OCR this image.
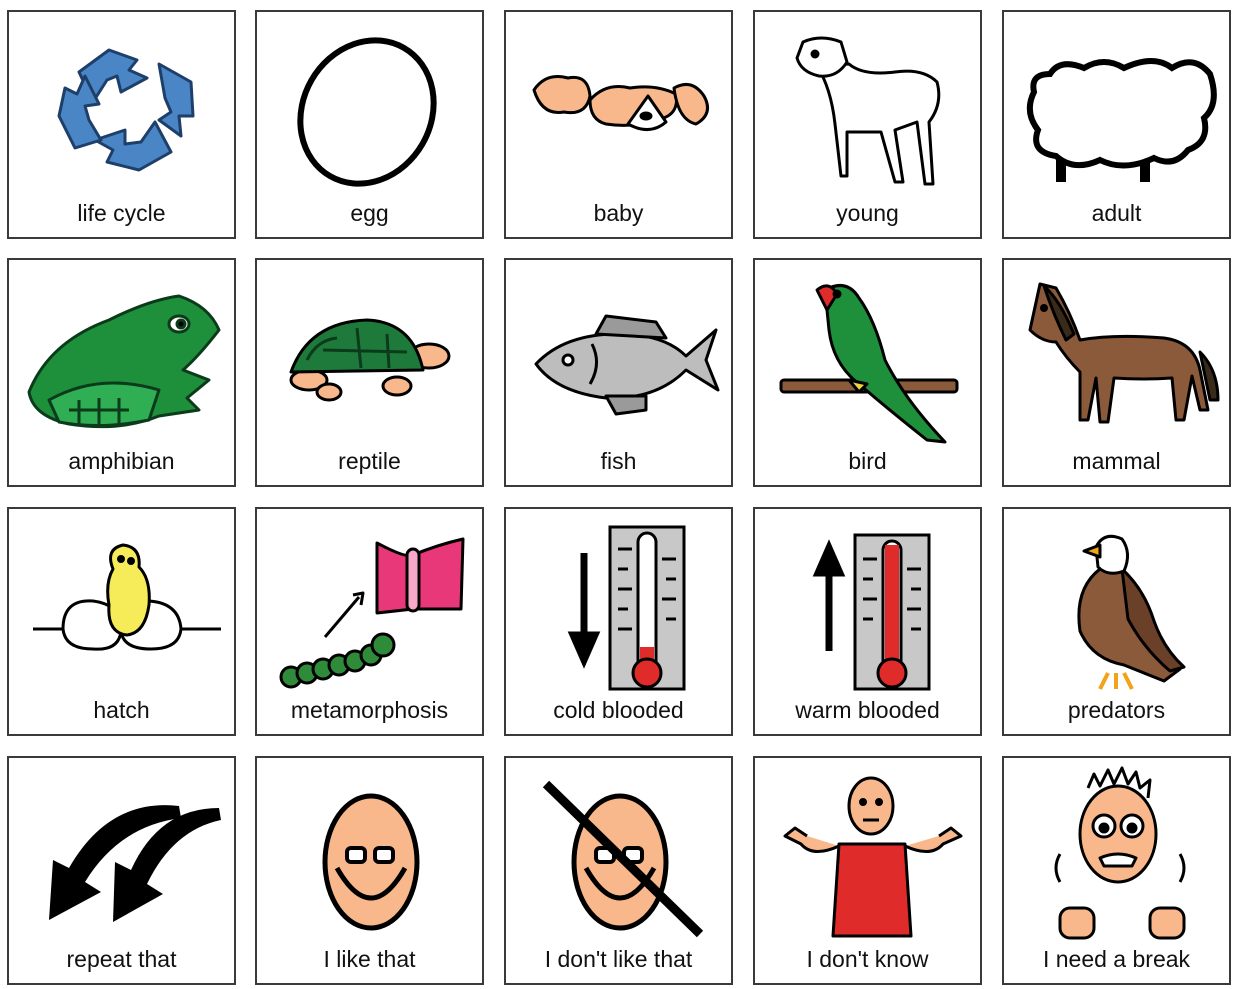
life cycle	egg	baby	young	adult
amphibian	reptile	fish	bird	mammal
hatch	metamorphosis	cold blooded	warm blooded	predators
repeat that	I like that	I don't like that	I don't know	I need a break
